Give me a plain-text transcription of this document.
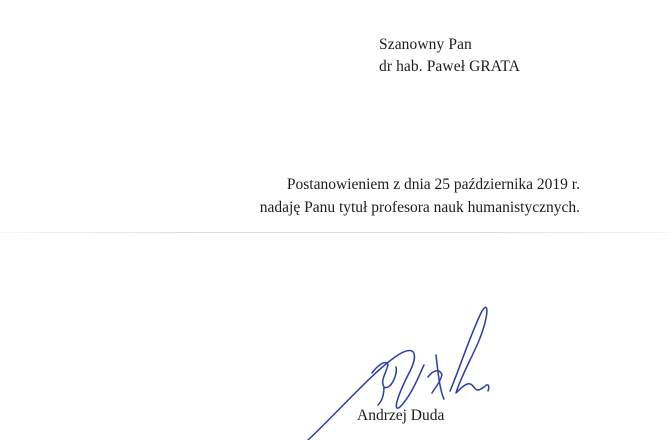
Szanowny Pan
dr hab. Paweł GRATA
Postanowieniem z dnia 25 października 2019 r.
nadaję Panu tytuł profesora nauk humanistycznych.
Andrzej Duda
